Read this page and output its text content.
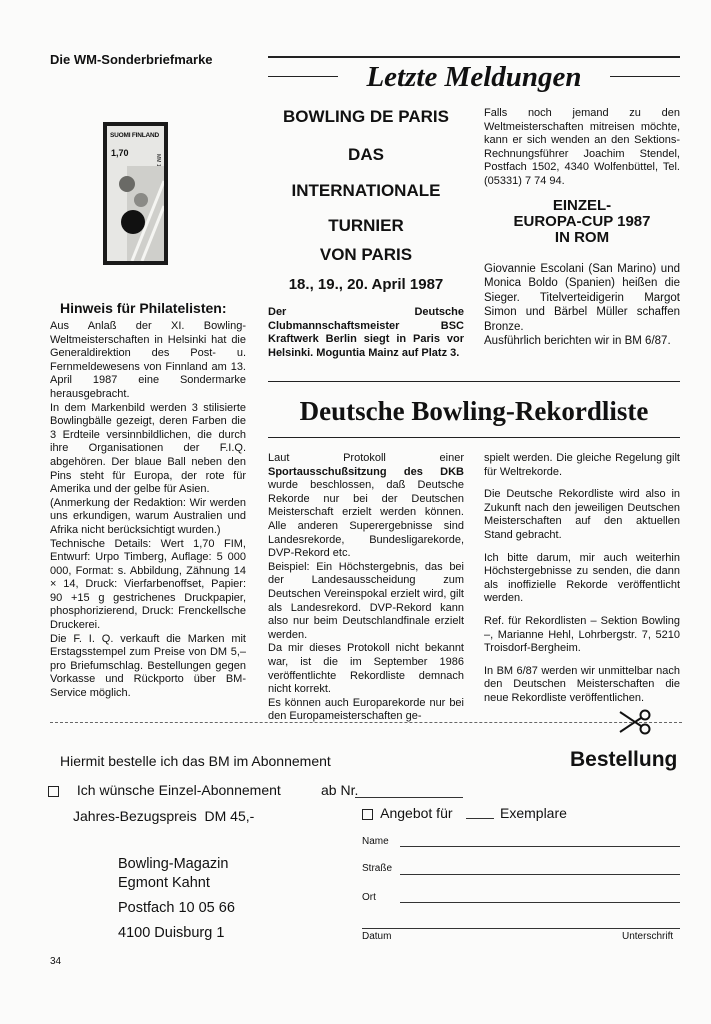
Die WM-Sonderbriefmarke
SUOMI FINLAND
1,70
Hinweis für Philatelisten:

Aus Anlaß der XI. Bowling-Weltmeisterschaften in Helsinki hat die Generaldirektion des Post- u. Fernmeldewesens von Finnland am 13. April 1987 eine Sondermarke herausgebracht.

In dem Markenbild werden 3 stilisierte Bowlingbälle gezeigt, deren Farben die 3 Erdteile versinnbildlichen, die durch ihre Organisationen der F.I.Q. abgehören. Der blaue Ball neben den Pins steht für Europa, der rote für Amerika und der gelbe für Asien.

(Anmerkung der Redaktion: Wir werden uns erkundigen, warum Australien und Afrika nicht berücksichtigt wurden.)

Technische Details: Wert 1,70 FIM, Entwurf: Urpo Timberg, Auflage: 5 000 000, Format: s. Abbildung, Zähnung 14 × 14, Druck: Vierfarbenoffset, Papier: 90 +15 g gestrichenes Druckpapier, phosphorizierend, Druck: Frenckellsche Druckerei.

Die F. I. Q. verkauft die Marken mit Erstagsstempel zum Preise von DM 5,– pro Briefumschlag. Bestellungen gegen Vorkasse und Rückporto über BM-Service möglich.

Letzte Meldungen
BOWLING DE PARIS
DAS
INTERNATIONALE
TURNIER
VON PARIS
18., 19., 20. April 1987

Der Deutsche Clubmannschaftsmeister BSC Kraftwerk Berlin siegt in Paris vor Helsinki. Moguntia Mainz auf Platz 3.

Falls noch jemand zu den Weltmeisterschaften mitreisen möchte, kann er sich wenden an den Sektions-Rechnungsführer Joachim Stendel, Postfach 1502, 4340 Wolfenbüttel, Tel. (05331) 7 74 94.

EINZEL-
EUROPA-CUP 1987
IN ROM

Giovannie Escolani (San Marino) und Monica Boldo (Spanien) heißen die Sieger. Titelverteidigerin Margot Simon und Bärbel Müller schaffen Bronze.

Ausführlich berichten wir in BM 6/87.

Deutsche Bowling-Rekordliste

Laut Protokoll einer Sportausschußsitzung des DKB wurde beschlossen, daß Deutsche Rekorde nur bei der Deutschen Meisterschaft erzielt werden können. Alle anderen Superergebnisse sind Landesrekorde, Bundesligarekorde, DVP-Rekord etc.

Beispiel: Ein Höchstergebnis, das bei der Landesausscheidung zum Deutschen Vereinspokal erzielt wird, gilt als Landesrekord. DVP-Rekord kann also nur beim Deutschlandfinale erzielt werden.

Da mir dieses Protokoll nicht bekannt war, ist die im September 1986 veröffentlichte Rekordliste demnach nicht korrekt.

Es können auch Europarekorde nur bei den Europameisterschaften ge-

spielt werden. Die gleiche Regelung gilt für Weltrekorde.

Die Deutsche Rekordliste wird also in Zukunft nach den jeweiligen Deutschen Meisterschaften auf den aktuellen Stand gebracht.

Ich bitte darum, mir auch weiterhin Höchstergebnisse zu senden, die dann als inoffizielle Rekorde veröffentlicht werden.

Ref. für Rekordlisten – Sektion Bowling –, Marianne Hehl, Lohrbergstr. 7, 5210 Troisdorf-Bergheim.

In BM 6/87 werden wir unmittelbar nach den Deutschen Meisterschaften die neue Rekordliste veröffentlichen.

Hiermit bestelle ich das BM im Abonnement	Bestellung
Ich wünsche Einzel-Abonnement	ab Nr.
Jahres-Bezugspreis  DM 45,-	Angebot für	Exemplare
Name
Straße
Ort
Datum	Unterschrift
Bowling-Magazin
Egmont Kahnt
Postfach 10 05 66
4100 Duisburg 1
34
